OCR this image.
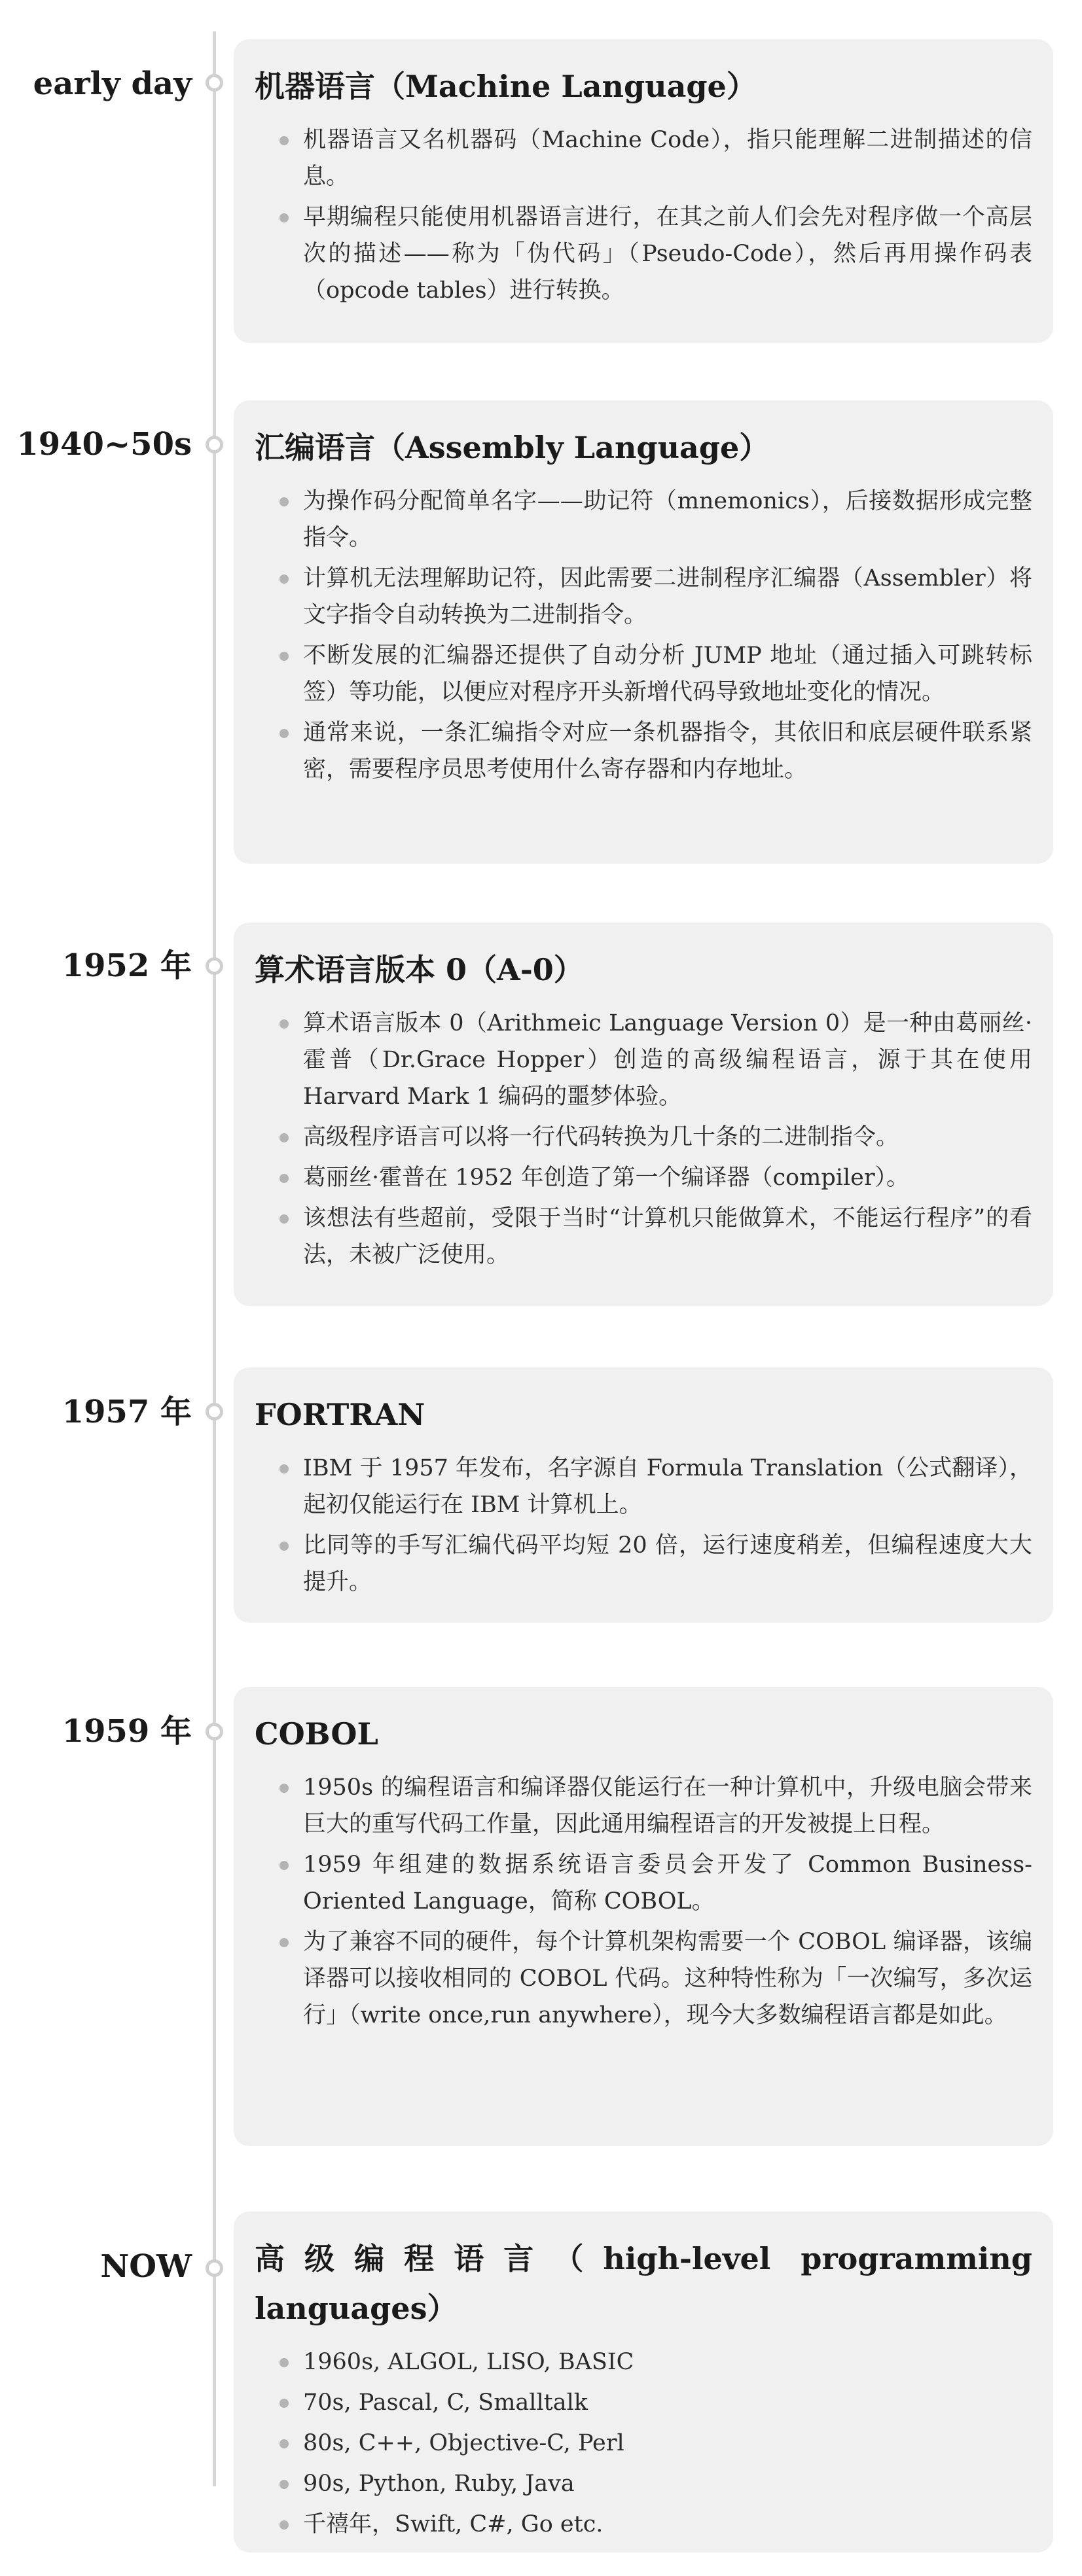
early day 机器语言（Machine Language）
机器语言又名机器码（Machine Code），指只能理解二进制描述的信息。
早期编程只能使用机器语言进行，在其之前人们会先对程序做一个高层次的描述——称为「伪代码」（Pseudo-Code），然后再用操作码表（opcode tables）进行转换。
1940~50s 汇编语言（Assembly Language）
为操作码分配简单名字——助记符（mnemonics），后接数据形成完整指令。
计算机无法理解助记符，因此需要二进制程序汇编器（Assembler）将文字指令自动转换为二进制指令。
不断发展的汇编器还提供了自动分析 JUMP 地址（通过插入可跳转标签）等功能，以便应对程序开头新增代码导致地址变化的情况。
通常来说，一条汇编指令对应一条机器指令，其依旧和底层硬件联系紧密，需要程序员思考使用什么寄存器和内存地址。
1952 年 算术语言版本 0（A-0）
算术语言版本 0（Arithmeic Language Version 0）是一种由葛丽丝·霍普（Dr.Grace Hopper）创造的高级编程语言，源于其在使用 Harvard Mark 1 编码的噩梦体验。
高级程序语言可以将一行代码转换为几十条的二进制指令。
葛丽丝·霍普在 1952 年创造了第一个编译器（compiler）。
该想法有些超前，受限于当时“计算机只能做算术，不能运行程序”的看法，未被广泛使用。
1957 年 FORTRAN
IBM 于 1957 年发布，名字源自 Formula Translation（公式翻译），起初仅能运行在 IBM 计算机上。
比同等的手写汇编代码平均短 20 倍，运行速度稍差，但编程速度大大提升。
1959 年 COBOL
1950s 的编程语言和编译器仅能运行在一种计算机中，升级电脑会带来巨大的重写代码工作量，因此通用编程语言的开发被提上日程。
1959 年组建的数据系统语言委员会开发了 Common Business-Oriented Language，简称 COBOL。
为了兼容不同的硬件，每个计算机架构需要一个 COBOL 编译器，该编译器可以接收相同的 COBOL 代码。这种特性称为「一次编写，多次运行」（write once,run anywhere），现今大多数编程语言都是如此。
NOW 高级编程语言（high-level programming languages）
1960s, ALGOL, LISO, BASIC
70s, Pascal, C, Smalltalk
80s, C++, Objective-C, Perl
90s, Python, Ruby, Java
千禧年，Swift, C#, Go etc.
